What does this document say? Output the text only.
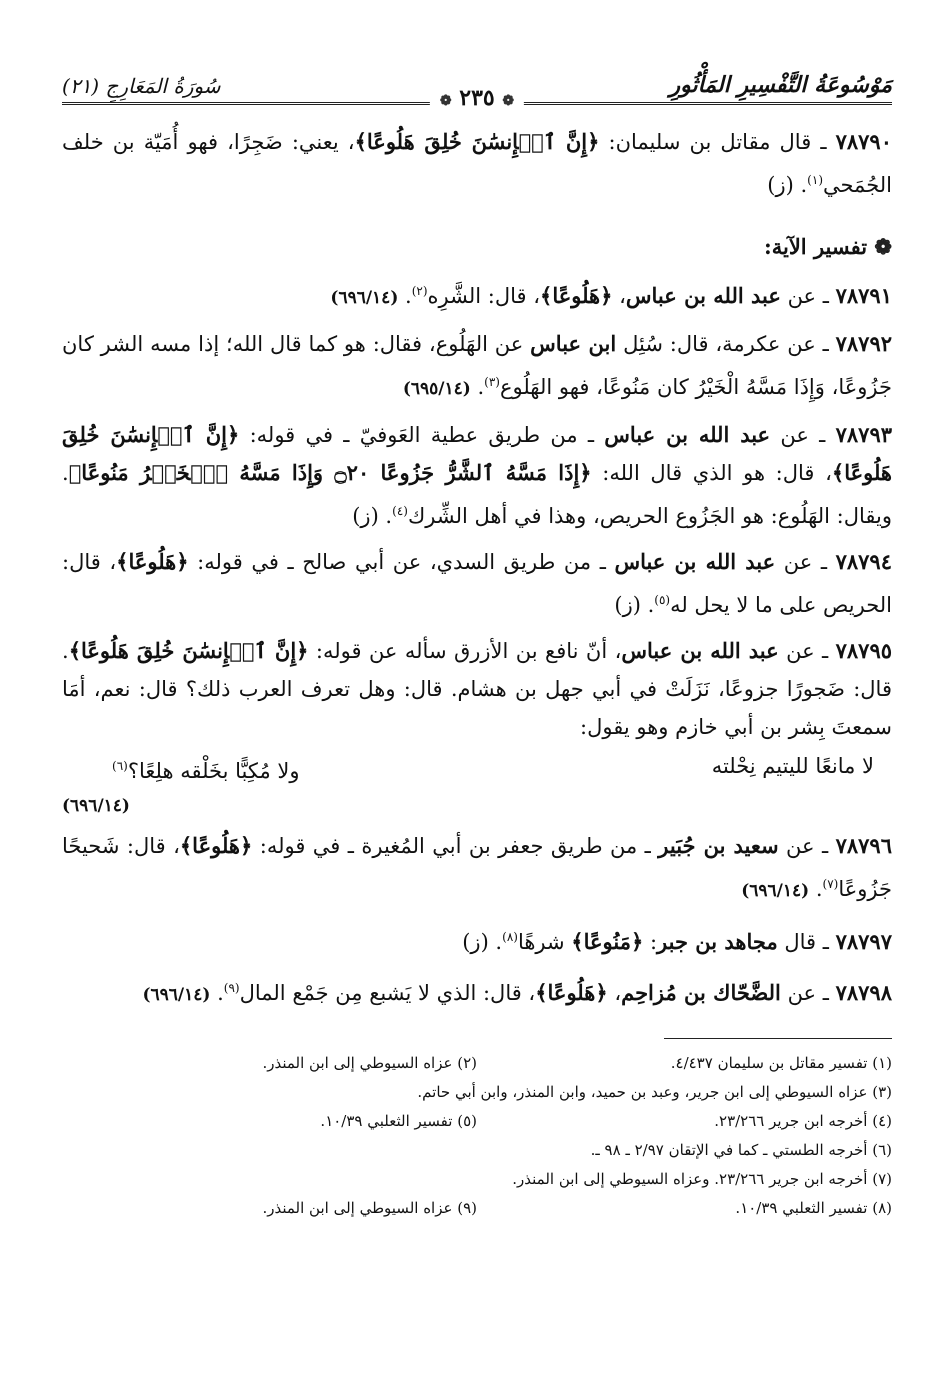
مَوْسُوعَةُ التَّفْسِيرِ المَأْثُورِ
سُورَةُ المَعَارِجِ (٢١)
❁ ٢٣٥ ❁

٧٨٧٩٠ ـ قال مقاتل بن سليمان: ﴿إِنَّ ٱلۡإِنسَٰنَ خُلِقَ هَلُوعًا﴾، يعني: ضَجِرًا، فهو أُمَيّة بن خلف الجُمَحي$^{(١)}$. (ز)

❁ تفسير الآية:

٧٨٧٩١ ـ عن عبد الله بن عباس، ﴿هَلُوعًا﴾، قال: الشَّرِه$^{(٢)}$. (٦٩٦/١٤)

٧٨٧٩٢ ـ عن عكرمة، قال: سُئِل ابن عباس عن الهَلُوع، فقال: هو كما قال الله؛ إذا مسه الشر كان جَزُوعًا، وَإِذَا مَسَّهُ الْخَيْرُ كان مَنُوعًا، فهو الهَلُوع$^{(٣)}$. (٦٩٥/١٤)

٧٨٧٩٣ ـ عن عبد الله بن عباس ـ من طريق عطية العَوفيّ ـ في قوله: ﴿إِنَّ ٱلۡإِنسَٰنَ خُلِقَ هَلُوعًا﴾، قال: هو الذي قال الله: ﴿إِذَا مَسَّهُ ٱلشَّرُّ جَزُوعًا ۝٢٠ وَإِذَا مَسَّهُ ٱلۡخَيۡرُ مَنُوعًا﴾. ويقال: الهَلُوع: هو الجَزُوع الحريص، وهذا في أهل الشِّرك$^{(٤)}$. (ز)

٧٨٧٩٤ ـ عن عبد الله بن عباس ـ من طريق السدي، عن أبي صالح ـ في قوله: ﴿هَلُوعًا﴾، قال: الحريص على ما لا يحل له$^{(٥)}$. (ز)

٧٨٧٩٥ ـ عن عبد الله بن عباس، أنّ نافع بن الأزرق سأله عن قوله: ﴿إِنَّ ٱلۡإِنسَٰنَ خُلِقَ هَلُوعًا﴾. قال: ضَجورًا جزوعًا، نَزَلَتْ في أبي جهل بن هشام. قال: وهل تعرف العرب ذلك؟ قال: نعم، أمَا سمعتَ بِشر بن أبي خازم وهو يقول:

لا مانعًا لليتيم نِحْلته
ولا مُكِبًّا بخَلْقه هلِعًا؟$^{(٦)}$
(٦٩٦/١٤)

٧٨٧٩٦ ـ عن سعيد بن جُبَير ـ من طريق جعفر بن أبي المُغيرة ـ في قوله: ﴿هَلُوعًا﴾، قال: شَحيحًا جَزُوعًا$^{(٧)}$. (٦٩٦/١٤)

٧٨٧٩٧ ـ قال مجاهد بن جبر: ﴿مَنُوعًا﴾ شرهًا$^{(٨)}$. (ز)

٧٨٧٩٨ ـ عن الضَّحّاك بن مُزاحِم، ﴿هَلُوعًا﴾، قال: الذي لا يَشبع مِن جَمْع المال$^{(٩)}$. (٦٩٦/١٤)

(١) تفسير مقاتل بن سليمان ٤/٤٣٧.
(٢) عزاه السيوطي إلى ابن المنذر.
(٣) عزاه السيوطي إلى ابن جرير، وعبد بن حميد، وابن المنذر، وابن أبي حاتم.
(٤) أخرجه ابن جرير ٢٣/٢٦٦.
(٥) تفسير الثعلبي ١٠/٣٩.
(٦) أخرجه الطستي ـ كما في الإتقان ٢/٩٧ ـ ٩٨ ـ.
(٧) أخرجه ابن جرير ٢٣/٢٦٦. وعزاه السيوطي إلى ابن المنذر.
(٨) تفسير الثعلبي ١٠/٣٩.
(٩) عزاه السيوطي إلى ابن المنذر.
